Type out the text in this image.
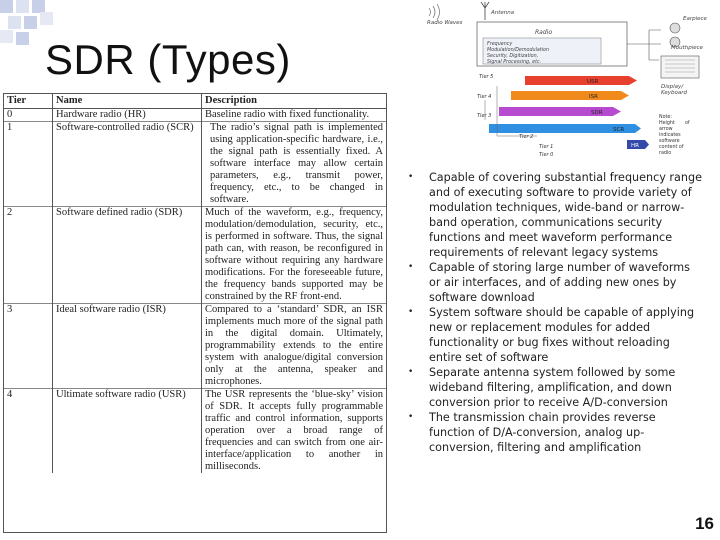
SDR (Types)
Tier	Name	Description
0	Hardware radio (HR)	Baseline radio with fixed functionality.
1	Software-controlled radio (SCR)	The radio’s signal path is implemented using application-specific hardware, i.e., the signal path is essentially fixed. A software interface may allow certain parameters, e.g., transmit power, frequency, etc., to be changed in software.
2	Software defined radio (SDR)	Much of the waveform, e.g., frequency, modulation/demodulation, security, etc., is performed in software. Thus, the signal path can, with reason, be reconfigured in software without requiring any hardware modifications. For the foreseeable future, the frequency bands supported may be constrained by the RF front-end.
3	Ideal software radio (ISR)	Compared to a ‘standard’ SDR, an ISR implements much more of the signal path in the digital domain. Ultimately, programmability extends to the entire system with analogue/digital conversion only at the antenna, speaker and microphones.
4	Ultimate software radio (USR)	The USR represents the ‘blue-sky’ vision of SDR. It accepts fully programmable traffic and control information, supports operation over a broad range of frequencies and can switch from one air-interface/application to another in milliseconds.
Radio Waves
Antenna
Radio
Frequency
Modulation/Demodulation
Security, Digitization,
Signal Processing, etc.
Earpiece
Mouthpiece
Display/
Keyboard
USR
ISR
SDR
SCR
HR
Tier 5
Tier 4
Tier 3
Tier 2
Tier 0
Tier 1
Note:
Height of
arrow
indicates
software
content of
radio
• Capable of covering substantial frequency range and of executing software to provide variety of modulation techniques, wide-band or narrow-band operation, communications security functions and meet waveform performance requirements of relevant legacy systems
• Capable of storing large number of waveforms or air interfaces, and of adding new ones by software download
• System software should be capable of applying new or replacement modules for added functionality or bug fixes without reloading entire set of software
• Separate antenna system followed by some wideband filtering, amplification, and down conversion prior to receive A/D-conversion
• The transmission chain provides reverse function of D/A-conversion, analog up-conversion, filtering and amplification
16
